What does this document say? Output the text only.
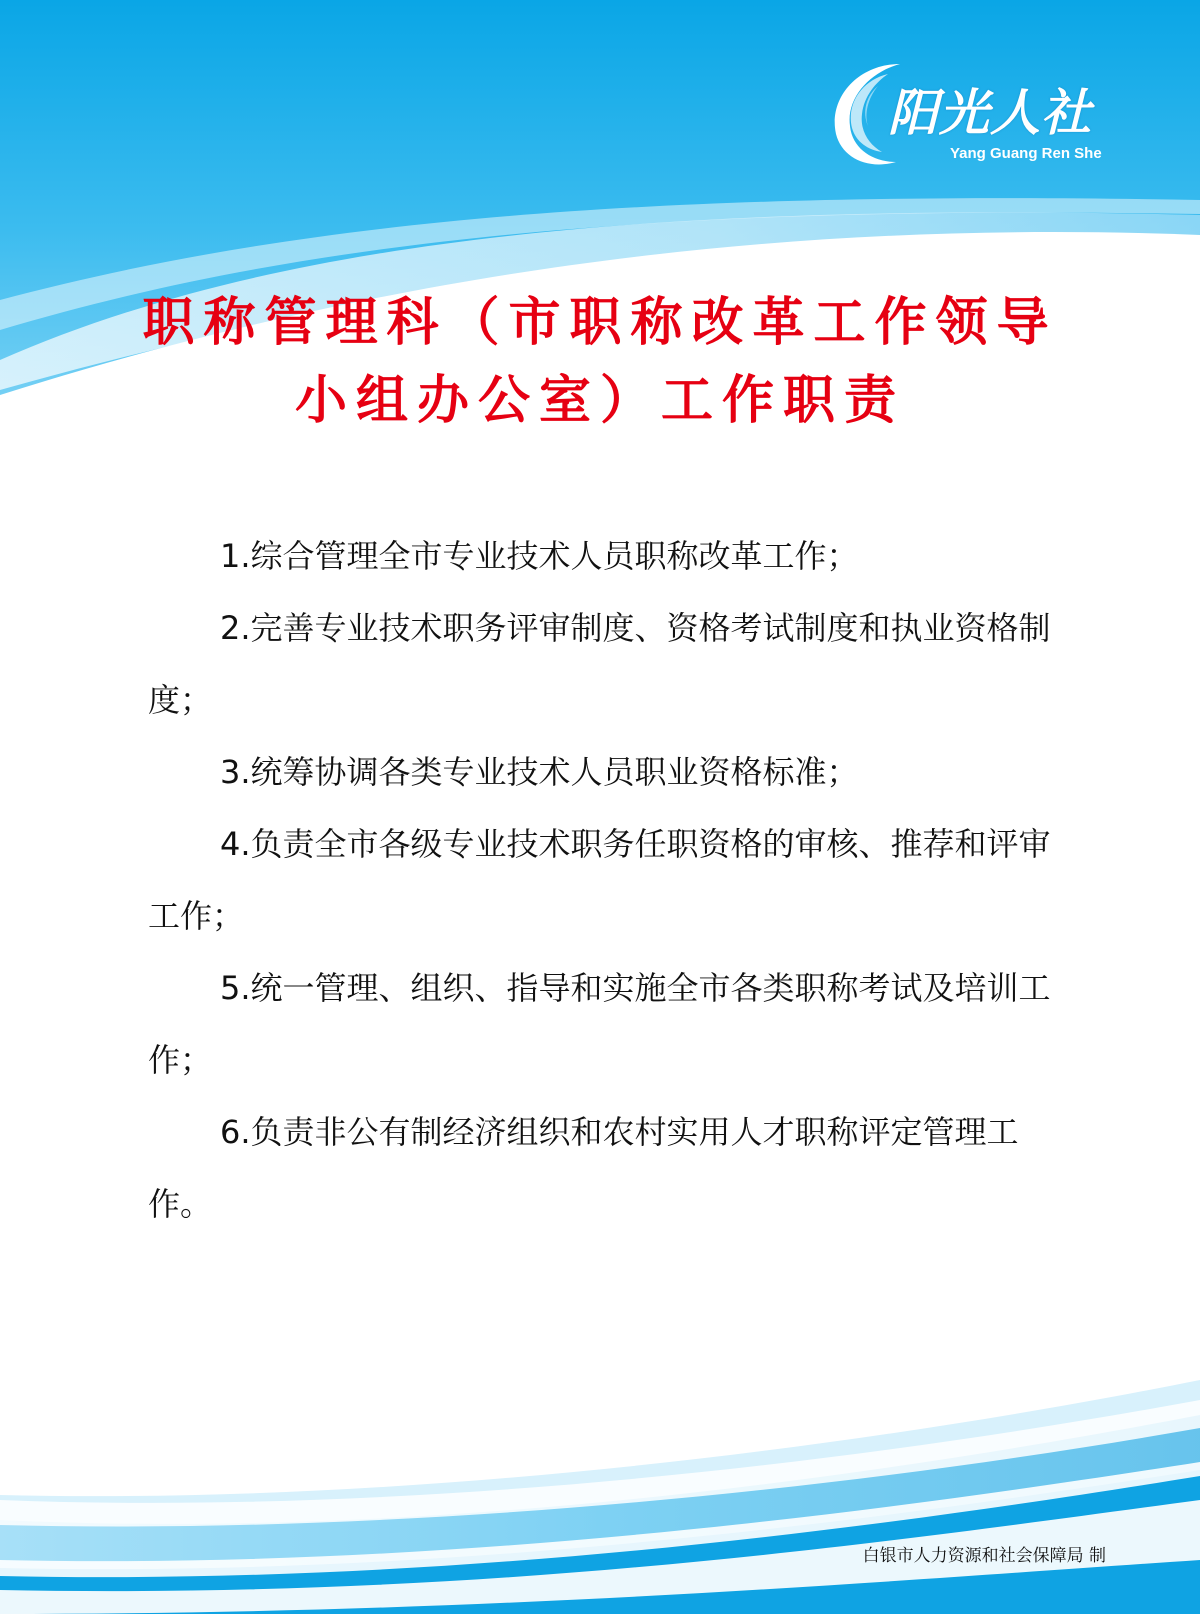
阳光人社
Yang Guang Ren She
职称管理科（市职称改革工作领导
小组办公室）工作职责

1.综合管理全市专业技术人员职称改革工作；

2.完善专业技术职务评审制度、资格考试制度和执业资格制度；

3.统筹协调各类专业技术人员职业资格标准；

4.负责全市各级专业技术职务任职资格的审核、推荐和评审工作；

5.统一管理、组织、指导和实施全市各类职称考试及培训工作；

6.负责非公有制经济组织和农村实用人才职称评定管理工作。

白银市人力资源和社会保障局 制
